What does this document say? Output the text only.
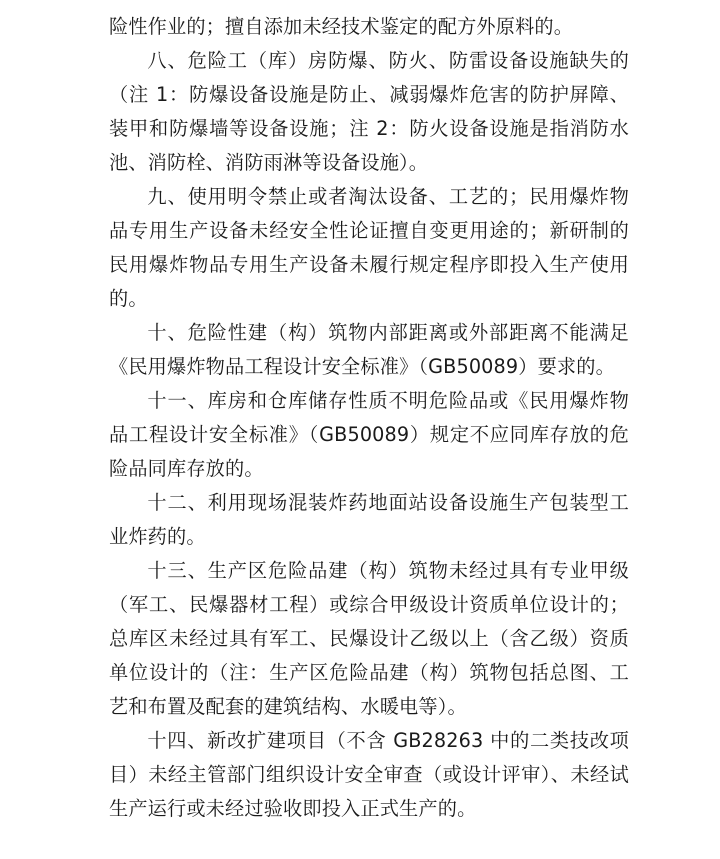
险性作业的；擅自添加未经技术鉴定的配方外原料的。

八、危险工（库）房防爆、防火、防雷设备设施缺失的（注 1：防爆设备设施是防止、减弱爆炸危害的防护屏障、装甲和防爆墙等设备设施；注 2：防火设备设施是指消防水池、消防栓、消防雨淋等设备设施）。

九、使用明令禁止或者淘汰设备、工艺的；民用爆炸物品专用生产设备未经安全性论证擅自变更用途的；新研制的民用爆炸物品专用生产设备未履行规定程序即投入生产使用的。

十、危险性建（构）筑物内部距离或外部距离不能满足《民用爆炸物品工程设计安全标准》（GB50089）要求的。

十一、库房和仓库储存性质不明危险品或《民用爆炸物品工程设计安全标准》（GB50089）规定不应同库存放的危险品同库存放的。

十二、利用现场混装炸药地面站设备设施生产包装型工业炸药的。

十三、生产区危险品建（构）筑物未经过具有专业甲级（军工、民爆器材工程）或综合甲级设计资质单位设计的；总库区未经过具有军工、民爆设计乙级以上（含乙级）资质单位设计的（注：生产区危险品建（构）筑物包括总图、工艺和布置及配套的建筑结构、水暖电等）。

十四、新改扩建项目（不含 GB28263 中的二类技改项目）未经主管部门组织设计安全审查（或设计评审）、未经试生产运行或未经过验收即投入正式生产的。
